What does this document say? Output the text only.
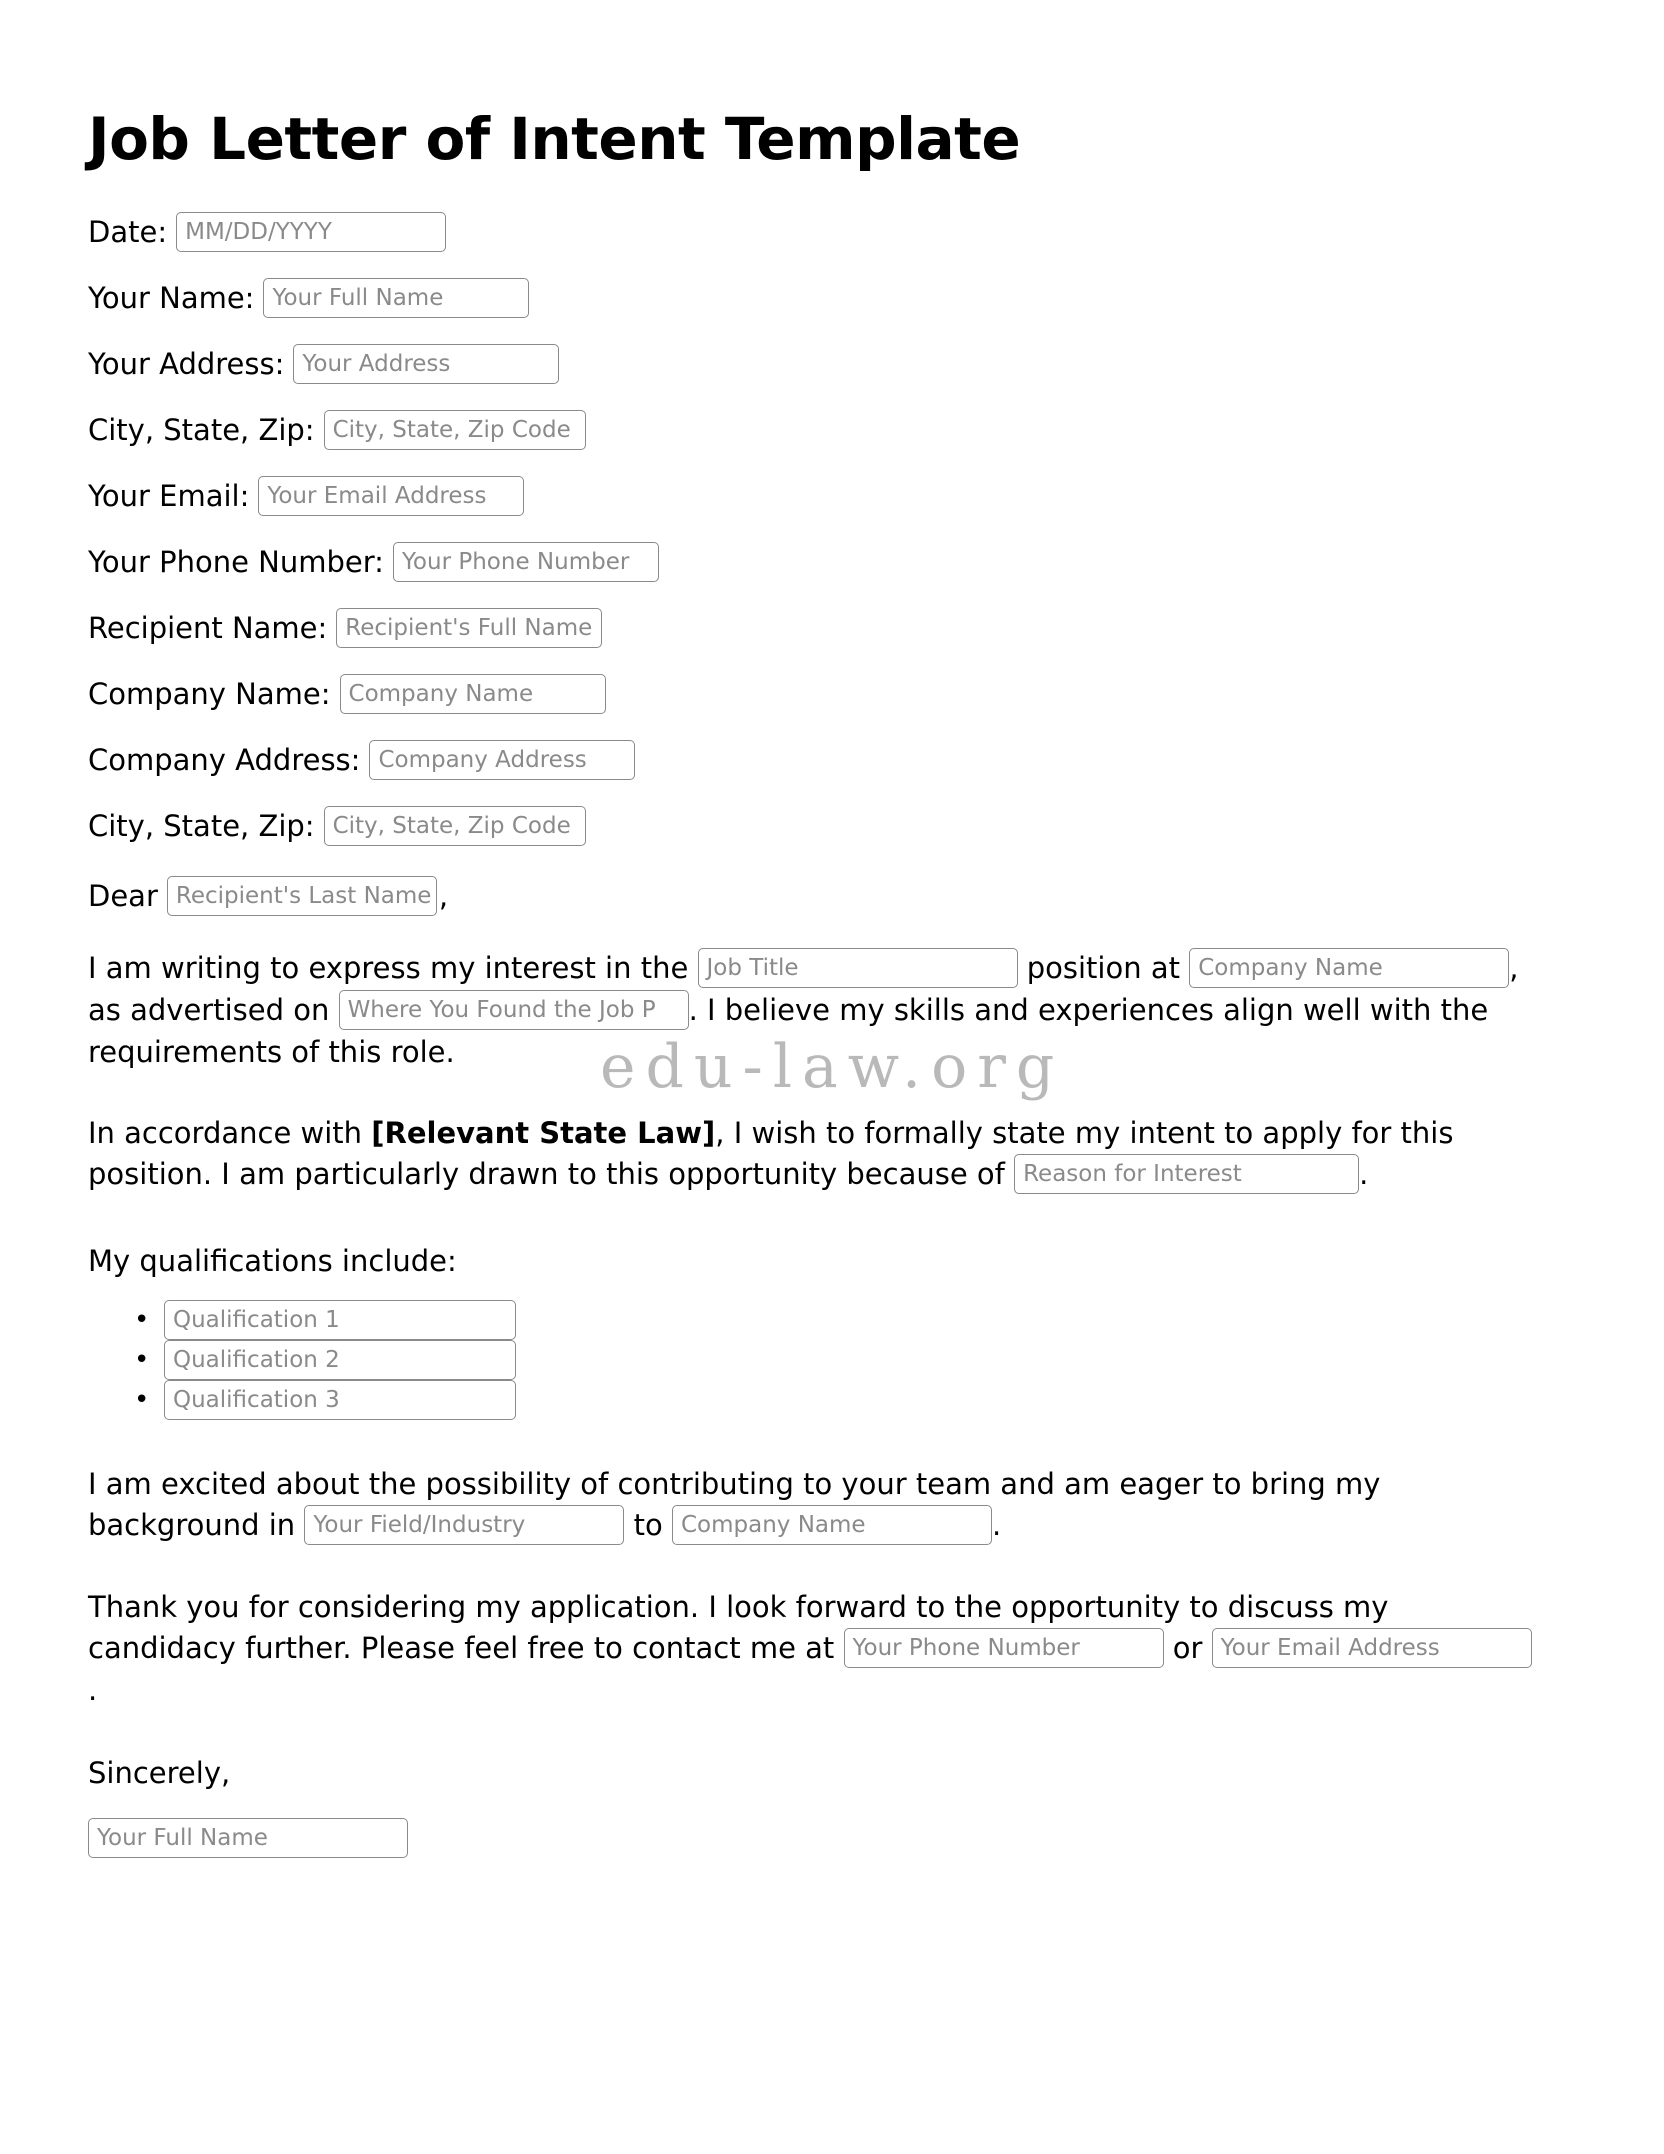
edu-law.org
Job Letter of Intent Template
Date: MM/DD/YYYY
Your Name: Your Full Name
Your Address: Your Address
City, State, Zip: City, State, Zip Code
Your Email: Your Email Address
Your Phone Number: Your Phone Number
Recipient Name: Recipient's Full Name
Company Name: Company Name
Company Address: Company Address
City, State, Zip: City, State, Zip Code
Dear Recipient's Last Name ,
I am writing to express my interest in the Job Title	position at Company Name	, as advertised on Where You Found the Job P . I believe my skills and experiences align well with the requirements of this role.
In accordance with [Relevant State Law], I wish to formally state my intent to apply for this position. I am particularly drawn to this opportunity because of Reason for Interest	.
My qualifications include:
•	Qualification 1
•	Qualification 2
•	Qualification 3
I am excited about the possibility of contributing to your team and am eager to bring my background in Your Field/Industry	to Company Name	.
Thank you for considering my application. I look forward to the opportunity to discuss my candidacy further. Please feel free to contact me at Your Phone Number	or Your Email Address.
Sincerely,
Your Full Name
